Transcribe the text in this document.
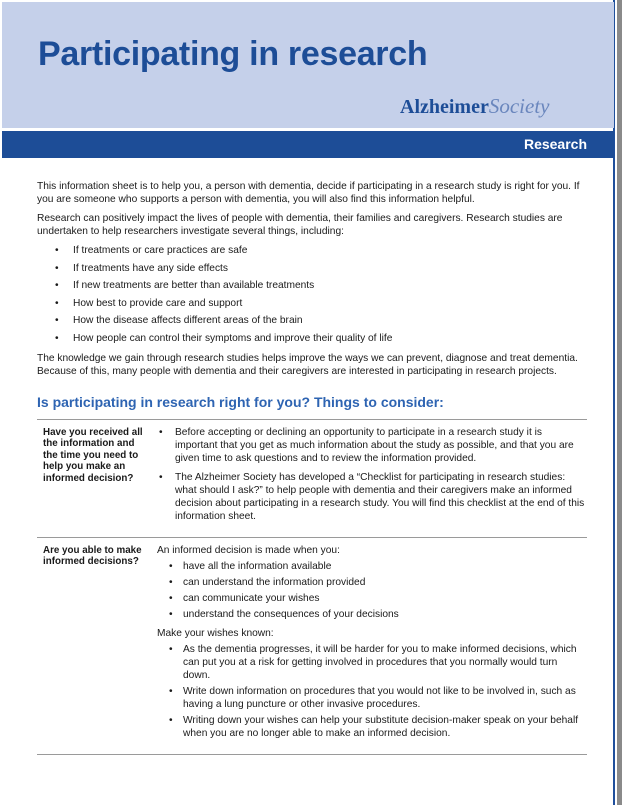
Participating in research
AlzheimerSociety
Research

This information sheet is to help you, a person with dementia, decide if participating in a research study is right for you. If you are someone who supports a person with dementia, you will also find this information helpful.

Research can positively impact the lives of people with dementia, their families and caregivers. Research studies are undertaken to help researchers investigate several things, including:

• If treatments or care practices are safe
• If treatments have any side effects
• If new treatments are better than available treatments
• How best to provide care and support
• How the disease affects different areas of the brain
• How people can control their symptoms and improve their quality of life

The knowledge we gain through research studies helps improve the ways we can prevent, diagnose and treat dementia. Because of this, many people with dementia and their caregivers are interested in participating in research projects.

Is participating in research right for you? Things to consider:
Have you received all the information and the time you need to help you make an informed decision?
• Before accepting or declining an opportunity to participate in a research study it is important that you get as much information about the study as possible, and that you are given time to ask questions and to review the information provided.
• The Alzheimer Society has developed a “Checklist for participating in research studies: what should I ask?” to help people with dementia and their caregivers make an informed decision about participating in a research study. You will find this checklist at the end of this information sheet.
Are you able to make informed decisions?

An informed decision is made when you:

• have all the information available
• can understand the information provided
• can communicate your wishes
• understand the consequences of your decisions

Make your wishes known:

• As the dementia progresses, it will be harder for you to make informed decisions, which can put you at a risk for getting involved in procedures that you normally would turn down.
• Write down information on procedures that you would not like to be involved in, such as having a lung puncture or other invasive procedures.
• Writing down your wishes can help your substitute decision-maker speak on your behalf when you are no longer able to make an informed decision.
